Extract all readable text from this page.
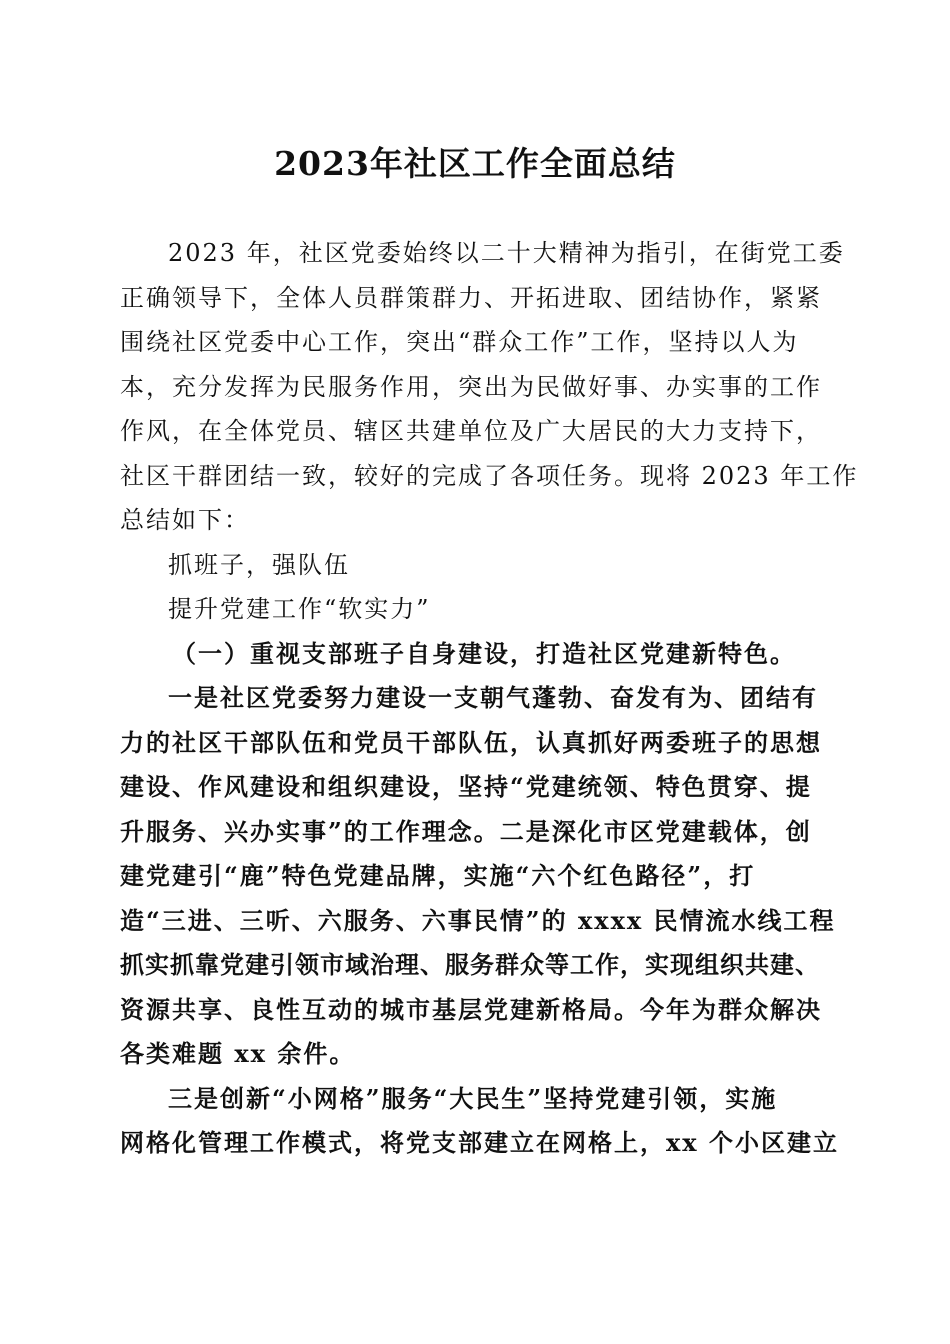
2023年社区工作全面总结
2023 年，社区党委始终以二十大精神为指引，在街党工委
正确领导下，全体人员群策群力、开拓进取、团结协作，紧紧
围绕社区党委中心工作，突出“群众工作”工作，坚持以人为
本，充分发挥为民服务作用，突出为民做好事、办实事的工作
作风，在全体党员、辖区共建单位及广大居民的大力支持下，
社区干群团结一致，较好的完成了各项任务。现将 2023 年工作
总结如下：
抓班子，强队伍
提升党建工作“软实力”
（一）重视支部班子自身建设，打造社区党建新特色。
一是社区党委努力建设一支朝气蓬勃、奋发有为、团结有
力的社区干部队伍和党员干部队伍，认真抓好两委班子的思想
建设、作风建设和组织建设，坚持“党建统领、特色贯穿、提
升服务、兴办实事”的工作理念。二是深化市区党建载体，创
建党建引“鹿”特色党建品牌，实施“六个红色路径”，打
造“三进、三听、六服务、六事民情”的 xxxx 民情流水线工程
抓实抓靠党建引领市域治理、服务群众等工作，实现组织共建、
资源共享、良性互动的城市基层党建新格局。今年为群众解决
各类难题 xx 余件。
三是创新“小网格”服务“大民生”坚持党建引领，实施
网格化管理工作模式，将党支部建立在网格上，xx 个小区建立
